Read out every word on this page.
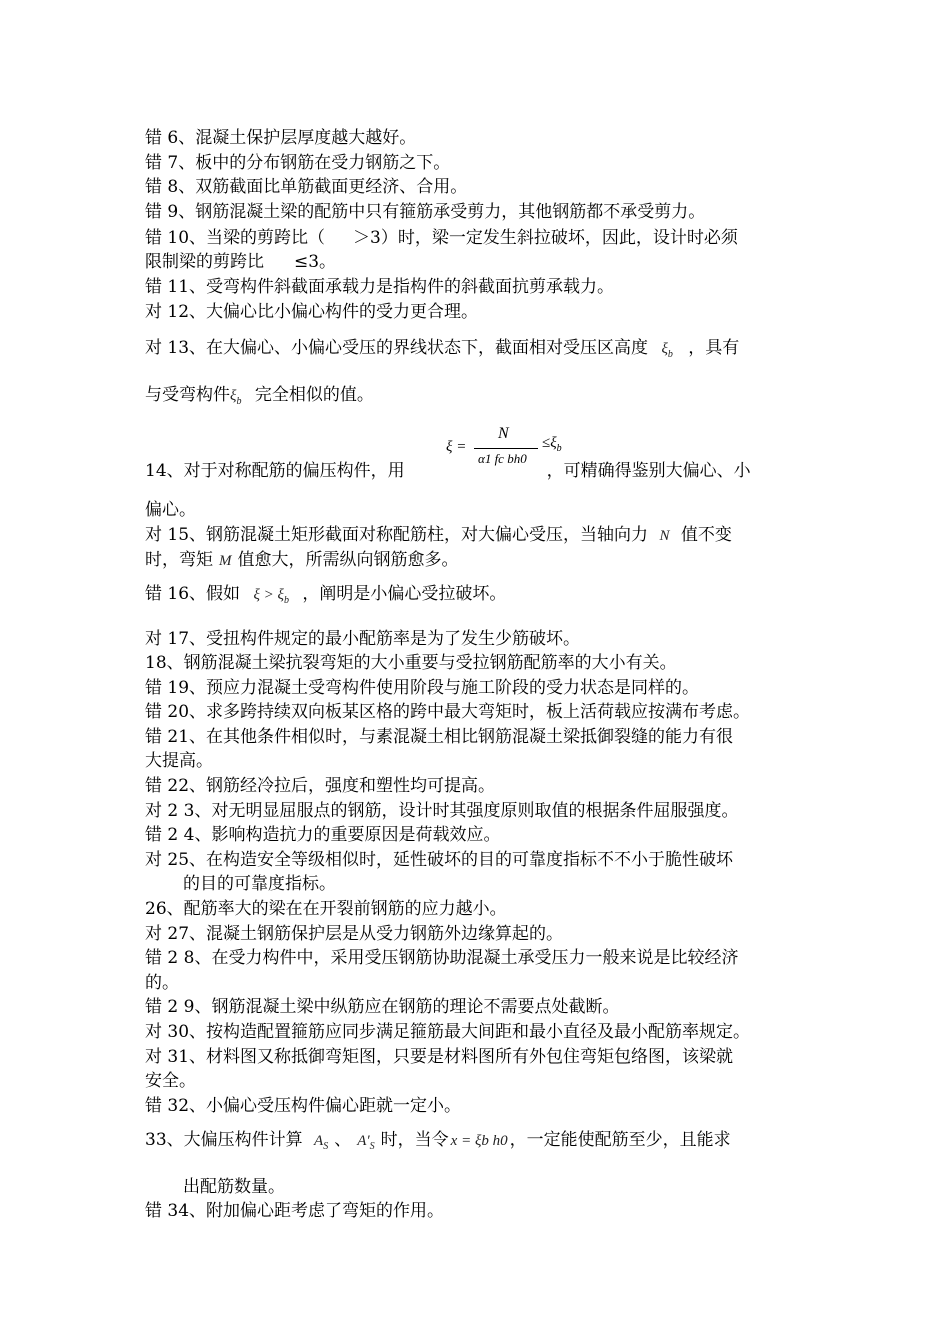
错 6、混凝土保护层厚度越大越好。
错 7、板中的分布钢筋在受力钢筋之下。
错 8、双筋截面比单筋截面更经济、合用。
错 9、钢筋混凝土梁的配筋中只有箍筋承受剪力，其他钢筋都不承受剪力。
错 10、当梁的剪跨比（ ＞3）时，梁一定发生斜拉破坏，因此，设计时必须
限制梁的剪跨比 ≤3。
错 11、受弯构件斜截面承载力是指构件的斜截面抗剪承载力。
对 12、大偏心比小偏心构件的受力更合理。
对 13、在大偏心、小偏心受压的界线状态下，截面相对受压区高度 $\xi_b$ ，具有
与受弯构件$\xi_b$ 完全相似的值。
ξ =
N
α1 fc bh0
$\le\xi_b$
14、对于对称配筋的偏压构件，用	，可精确得鉴别大偏心、小
偏心。
对 15、钢筋混凝土矩形截面对称配筋柱，对大偏心受压，当轴向力 N 值不变
时，弯矩 M 值愈大，所需纵向钢筋愈多。
错 16、假如 $\xi > \xi_b$ ，阐明是小偏心受拉破坏。
对 17、受扭构件规定的最小配筋率是为了发生少筋破坏。
18、钢筋混凝土梁抗裂弯矩的大小重要与受拉钢筋配筋率的大小有关。
错 19、预应力混凝土受弯构件使用阶段与施工阶段的受力状态是同样的。
错 20、求多跨持续双向板某区格的跨中最大弯矩时，板上活荷载应按满布考虑。
错 21、在其他条件相似时，与素混凝土相比钢筋混凝土梁抵御裂缝的能力有很
大提高。
错 22、钢筋经冷拉后，强度和塑性均可提高。
对 2 3、对无明显屈服点的钢筋，设计时其强度原则取值的根据条件屈服强度。
错 2 4、影响构造抗力的重要原因是荷载效应。
对 25、在构造安全等级相似时，延性破坏的目的可靠度指标不不小于脆性破坏
的目的可靠度指标。
26、配筋率大的梁在在开裂前钢筋的应力越小。
对 27、混凝土钢筋保护层是从受力钢筋外边缘算起的。
错 2 8、在受力构件中，采用受压钢筋协助混凝土承受压力一般来说是比较经济
的。
错 2 9、钢筋混凝土梁中纵筋应在钢筋的理论不需要点处截断。
对 30、按构造配置箍筋应同步满足箍筋最大间距和最小直径及最小配筋率规定。
对 31、材料图又称抵御弯矩图，只要是材料图所有外包住弯矩包络图，该梁就
安全。
错 32、小偏心受压构件偏心距就一定小。
33、大偏压构件计算 $A_S$ 、 $A'_S$ 时，当令 x = ξb h0 ，一定能使配筋至少，且能求
出配筋数量。
错 34、附加偏心距考虑了弯矩的作用。
